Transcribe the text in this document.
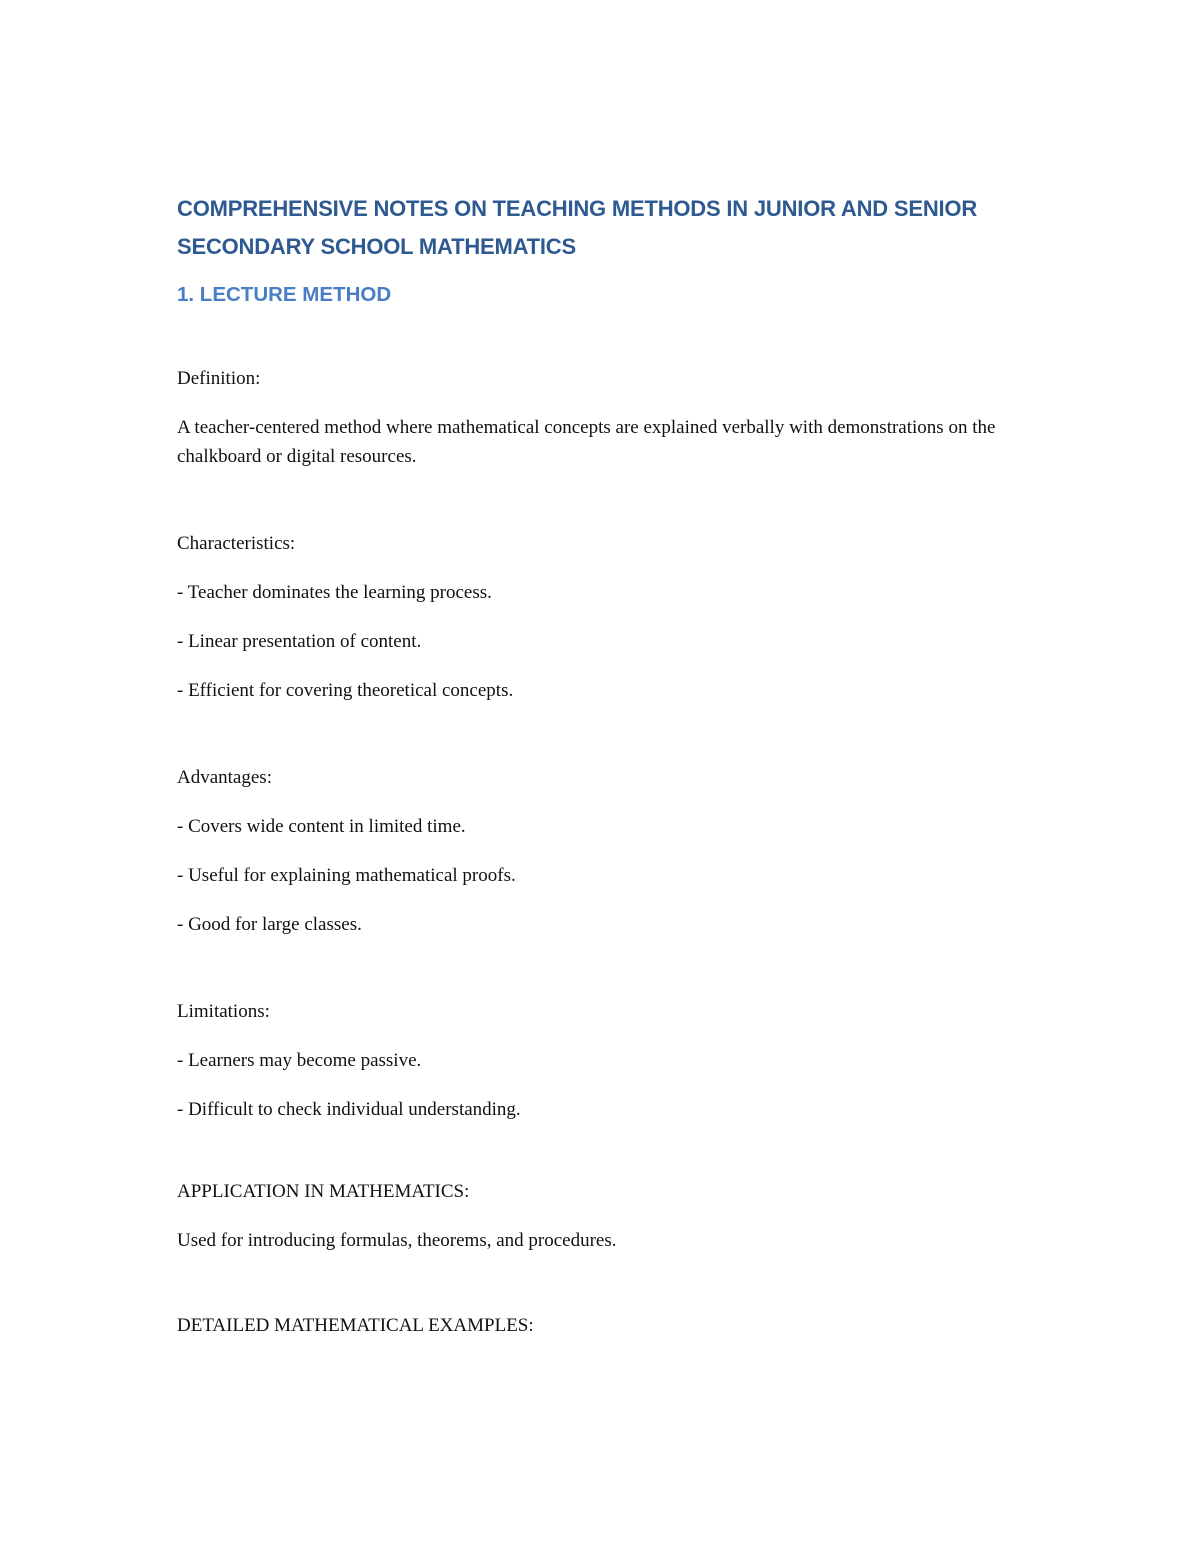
COMPREHENSIVE NOTES ON TEACHING METHODS IN JUNIOR AND SENIOR SECONDARY SCHOOL MATHEMATICS
1. LECTURE METHOD

Definition:

A teacher-centered method where mathematical concepts are explained verbally with demonstrations on the chalkboard or digital resources.

Characteristics:

- Teacher dominates the learning process.

- Linear presentation of content.

- Efficient for covering theoretical concepts.

Advantages:

- Covers wide content in limited time.

- Useful for explaining mathematical proofs.

- Good for large classes.

Limitations:

- Learners may become passive.

- Difficult to check individual understanding.

APPLICATION IN MATHEMATICS:

Used for introducing formulas, theorems, and procedures.

DETAILED MATHEMATICAL EXAMPLES:
